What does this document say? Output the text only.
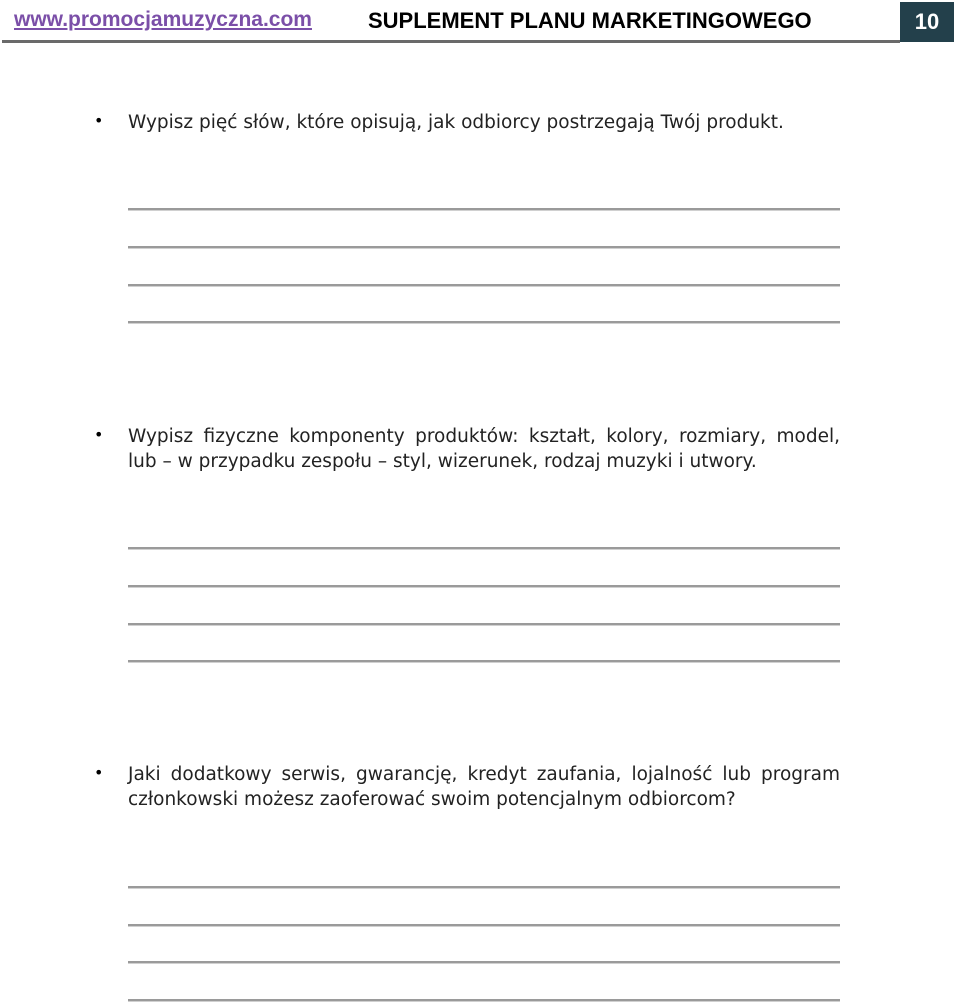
www.promocjamuzyczna.com	SUPLEMENT PLANU MARKETINGOWEGO	10
• Wypisz pięć słów, które opisują, jak odbiorcy postrzegają Twój produkt.
• Wypisz fizyczne komponenty produktów: kształt, kolory, rozmiary, model, lub – w przypadku zespołu – styl, wizerunek, rodzaj muzyki i utwory.
• Jaki dodatkowy serwis, gwarancję, kredyt zaufania, lojalność lub program członkowski możesz zaoferować swoim potencjalnym odbiorcom?
